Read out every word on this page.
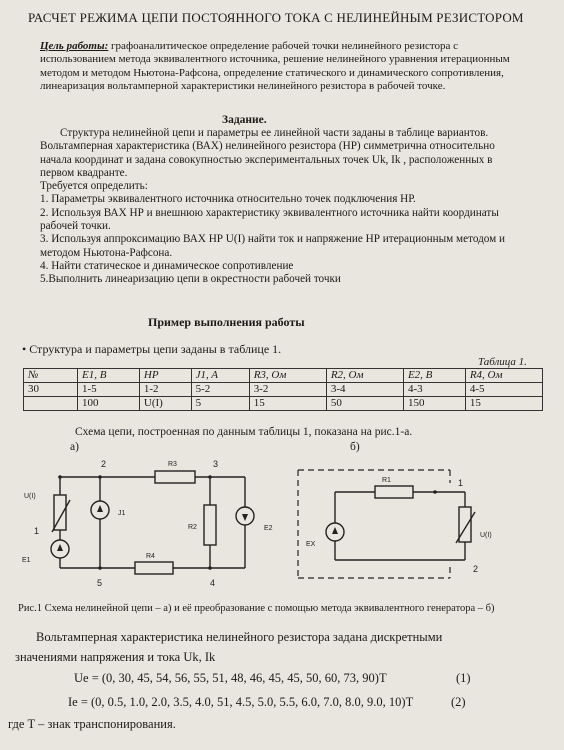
РАСЧЕТ РЕЖИМА ЦЕПИ ПОСТОЯННОГО ТОКА С НЕЛИНЕЙНЫМ РЕЗИСТОРОМ
Цель работы: графоаналитическое определение рабочей точки нелинейного резистора с использованием метода эквивалентного источника, решение нелинейного уравнения итерационным методом и методом Ньютона-Рафсона, определение статического и динамического сопротивления, линеаризация вольтамперной характеристики нелинейного резистора в рабочей точке.
Задание.
Структура нелинейной цепи и параметры ее линейной части заданы в таблице вариантов. Вольтамперная характеристика (ВАХ) нелинейного резистора (НР) симметрична относительно начала координат и задана совокупностью экспериментальных точек Uk, Ik , расположенных в первом квадранте.
Требуется определить:
1. Параметры эквивалентного источника относительно точек подключения НР.
2. Используя ВАХ НР и внешнюю характеристику эквивалентного источника найти координаты рабочей точки.
3. Используя аппроксимацию ВАХ НР U(I) найти ток и напряжение НР итерационным методом и методом Ньютона-Рафсона.
4. Найти статическое и динамическое сопротивление
5.Выполнить линеаризацию цепи в окрестности рабочей точки
Пример выполнения работы
• Структура и параметры цепи заданы в таблице 1.
Таблица 1.
№	E1, B	HP	J1, A	R3, Ом	R2, Ом	E2, B	R4, Ом
30	1-5	1-2	5-2	3-2	3-4	4-3	4-5
	100	U(I)	5	15	50	150	15
Схема цепи, построенная по данным таблицы 1, показана на рис.1-а.
а)	б)
2	3
1
5	4
R3
R2
R4
J1
E1
E2
U(I)
1
2
R1
EX
U(I)
Рис.1 Схема нелинейной цепи – а) и её преобразование с помощью метода эквивалентного генератора – б)
Вольтамперная характеристика нелинейного резистора задана дискретными
значениями напряжения и тока Uk, Ik
Ue = (0, 30, 45, 54, 56, 55, 51, 48, 46, 45, 45, 50, 60, 73, 90)T	(1)
Ie = (0, 0.5, 1.0, 2.0, 3.5, 4.0, 51, 4.5, 5.0, 5.5, 6.0, 7.0, 8.0, 9.0, 10)T	(2)
где T – знак транспонирования.
